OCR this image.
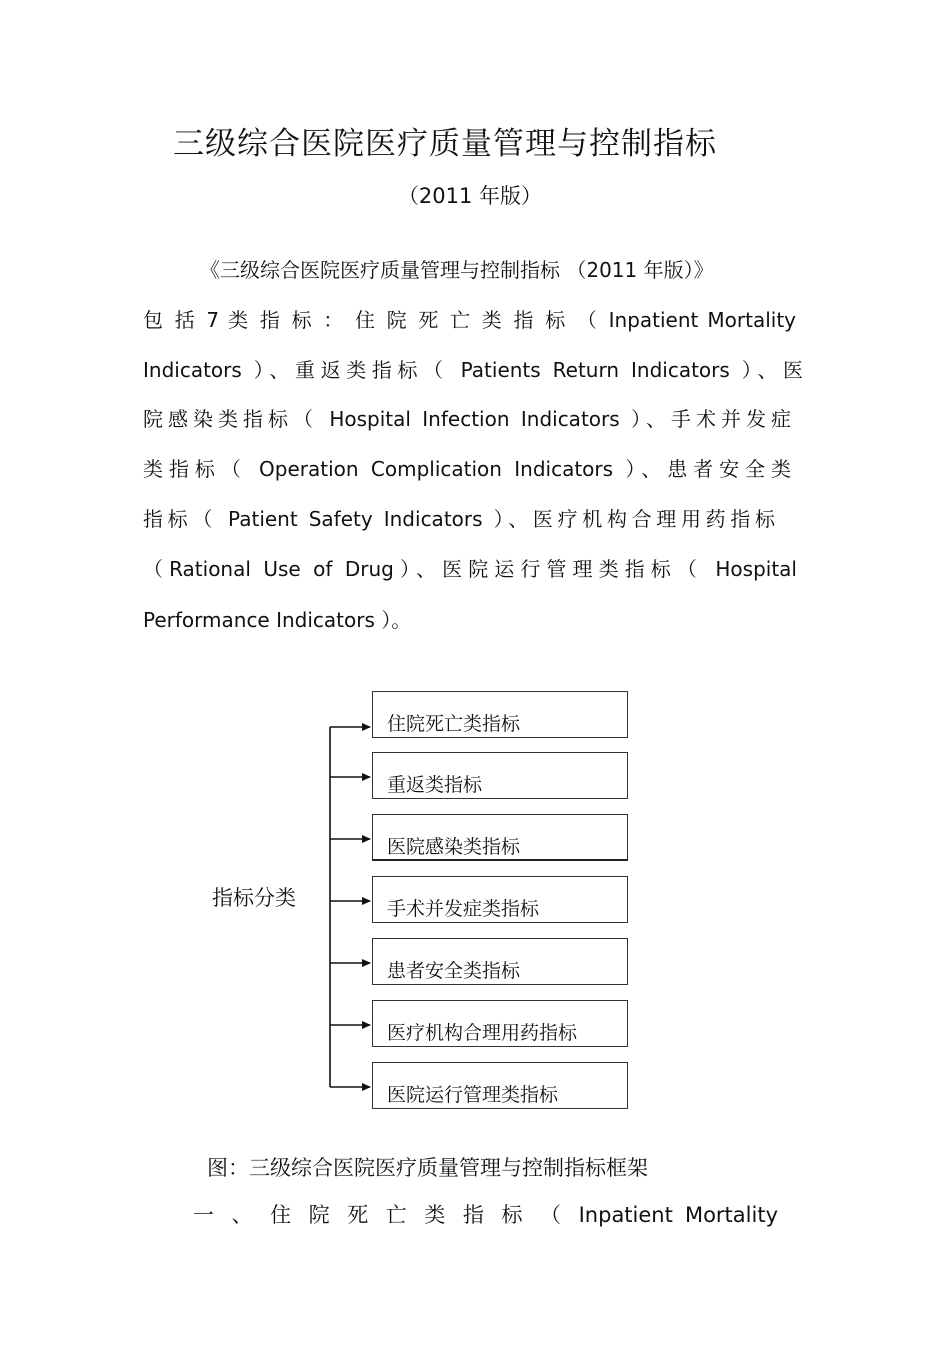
三级综合医院医疗质量管理与控制指标

（2011 年版）

《三级综合医院医疗质量管理与控制指标 （2011 年版）》

包 括 7 类 指 标 ： 住 院 死 亡 类 指 标 （ Inpatient Mortality

Indicators ）、重返类指标（ Patients Return Indicators ）、医

院感染类指标（ Hospital Infection Indicators ）、手术并发症

类指标（ Operation Complication Indicators ）、患者安全类

指标（ Patient Safety Indicators ）、医疗机构合理用药指标

（Rational Use of Drug）、医院运行管理类指标（ Hospital

Performance Indicators ）。

指标分类
住院死亡类指标
重返类指标
医院感染类指标
手术并发症类指标
患者安全类指标
医疗机构合理用药指标
医院运行管理类指标
图：三级综合医院医疗质量管理与控制指标框架
一 、 住 院 死 亡 类 指 标 （ Inpatient Mortality
